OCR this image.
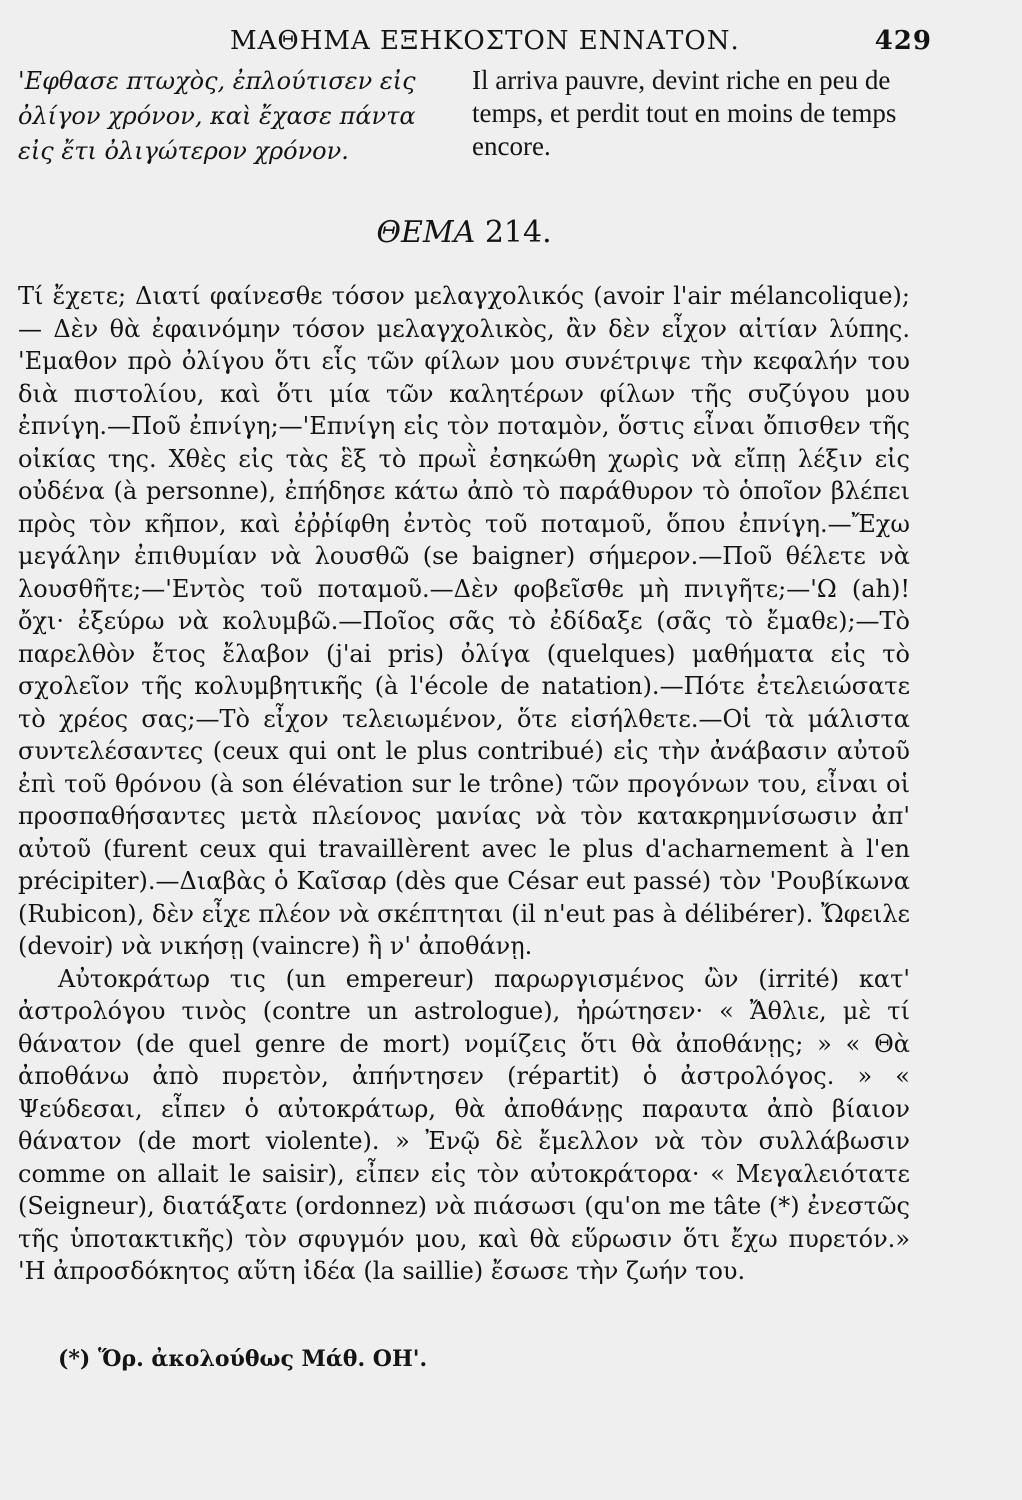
ΜΑΘΗΜΑ ΕΞΗΚΟΣΤΟΝ ΕΝΝΑΤΟΝ.	429
'Εφθασε πτωχὸς, ἐπλούτισεν εἰς ὀλίγον χρόνον, καὶ ἔχασε πάντα εἰς ἔτι ὀλιγώτερον χρόνον.
Il arriva pauvre, devint riche en peu de temps, et perdit tout en moins de temps encore.
ΘΕΜΑ 214.

Τί ἔχετε; Διατί φαίνεσθε τόσον μελαγχολικός (avoir l'air mélancolique);— Δὲν θὰ ἐφαινόμην τόσον μελαγχολικὸς, ἂν δὲν εἶχον αἰτίαν λύπης. 'Εμαθον πρὸ ὀλίγου ὅτι εἷς τῶν φίλων μου συνέτριψε τὴν κεφαλήν του διὰ πιστολίου, καὶ ὅτι μία τῶν καλητέρων φίλων τῆς συζύγου μου ἐπνίγη.—Ποῦ ἐπνίγη;—'Επνίγη εἰς τὸν ποταμὸν, ὅστις εἶναι ὄπισθεν τῆς οἰκίας της. Χθὲς εἰς τὰς ἓξ τὸ πρωῒ ἐσηκώθη χωρὶς νὰ εἴπῃ λέξιν εἰς οὐδένα (à personne), ἐπήδησε κάτω ἀπὸ τὸ παράθυρον τὸ ὁποῖον βλέπει πρὸς τὸν κῆπον, καὶ ἐῤῥίφθη ἐντὸς τοῦ ποταμοῦ, ὅπου ἐπνίγη.—Ἔχω μεγάλην ἐπιθυμίαν νὰ λουσθῶ (se baigner) σήμερον.—Ποῦ θέλετε νὰ λουσθῆτε;—'Εντὸς τοῦ ποταμοῦ.—Δὲν φοβεῖσθε μὴ πνιγῆτε;—'Ω (ah)! ὄχι· ἐξεύρω νὰ κολυμβῶ.—Ποῖος σᾶς τὸ ἐδίδαξε (σᾶς τὸ ἔμαθε);—Τὸ παρελθὸν ἔτος ἔλαβον (j'ai pris) ὀλίγα (quelques) μαθήματα εἰς τὸ σχολεῖον τῆς κολυμβητικῆς (à l'école de natation).—Πότε ἐτελειώσατε τὸ χρέος σας;—Τὸ εἶχον τελειωμένον, ὅτε εἰσήλθετε.—Οἱ τὰ μάλιστα συντελέσαντες (ceux qui ont le plus contribué) εἰς τὴν ἀνάβασιν αὐτοῦ ἐπὶ τοῦ θρόνου (à son élévation sur le trône) τῶν προγόνων του, εἶναι οἱ προσπαθήσαντες μετὰ πλείονος μανίας νὰ τὸν κατακρημνίσωσιν ἀπ' αὐτοῦ (furent ceux qui travaillèrent avec le plus d'acharnement à l'en précipiter).—Διαβὰς ὁ Καῖσαρ (dès que César eut passé) τὸν 'Ρουβίκωνα (Rubicon), δὲν εἶχε πλέον νὰ σκέπτηται (il n'eut pas à délibérer). Ὤφειλε (devoir) νὰ νικήσῃ (vaincre) ἢ ν' ἀποθάνῃ.

Αὐτοκράτωρ τις (un empereur) παρωργισμένος ὢν (irrité) κατ' ἀστρολόγου τινὸς (contre un astrologue), ἠρώτησεν· « Ἄθλιε, μὲ τί θάνατον (de quel genre de mort) νομίζεις ὅτι θὰ ἀποθάνῃς; » « Θὰ ἀποθάνω ἀπὸ πυρετὸν, ἀπήντησεν (répartit) ὁ ἀστρολόγος. » « Ψεύδεσαι, εἶπεν ὁ αὐτοκράτωρ, θὰ ἀποθάνῃς παραυτα ἀπὸ βίαιον θάνατον (de mort violente). » Ἐνῷ δὲ ἔμελλον νὰ τὸν συλλάβωσιν comme on allait le saisir), εἶπεν εἰς τὸν αὐτοκράτορα· « Μεγαλειότατε (Seigneur), διατάξατε (ordonnez) νὰ πιάσωσι (qu'on me tâte (*) ἐνεστῶς τῆς ὑποτακτικῆς) τὸν σφυγμόν μου, καὶ θὰ εὕρωσιν ὅτι ἔχω πυρετόν.» 'Η ἀπροσδόκητος αὕτη ἰδέα (la saillie) ἔσωσε τὴν ζωήν του.

(*) Ὅρ. ἀκολούθως Μάθ. ΟΗ'.
